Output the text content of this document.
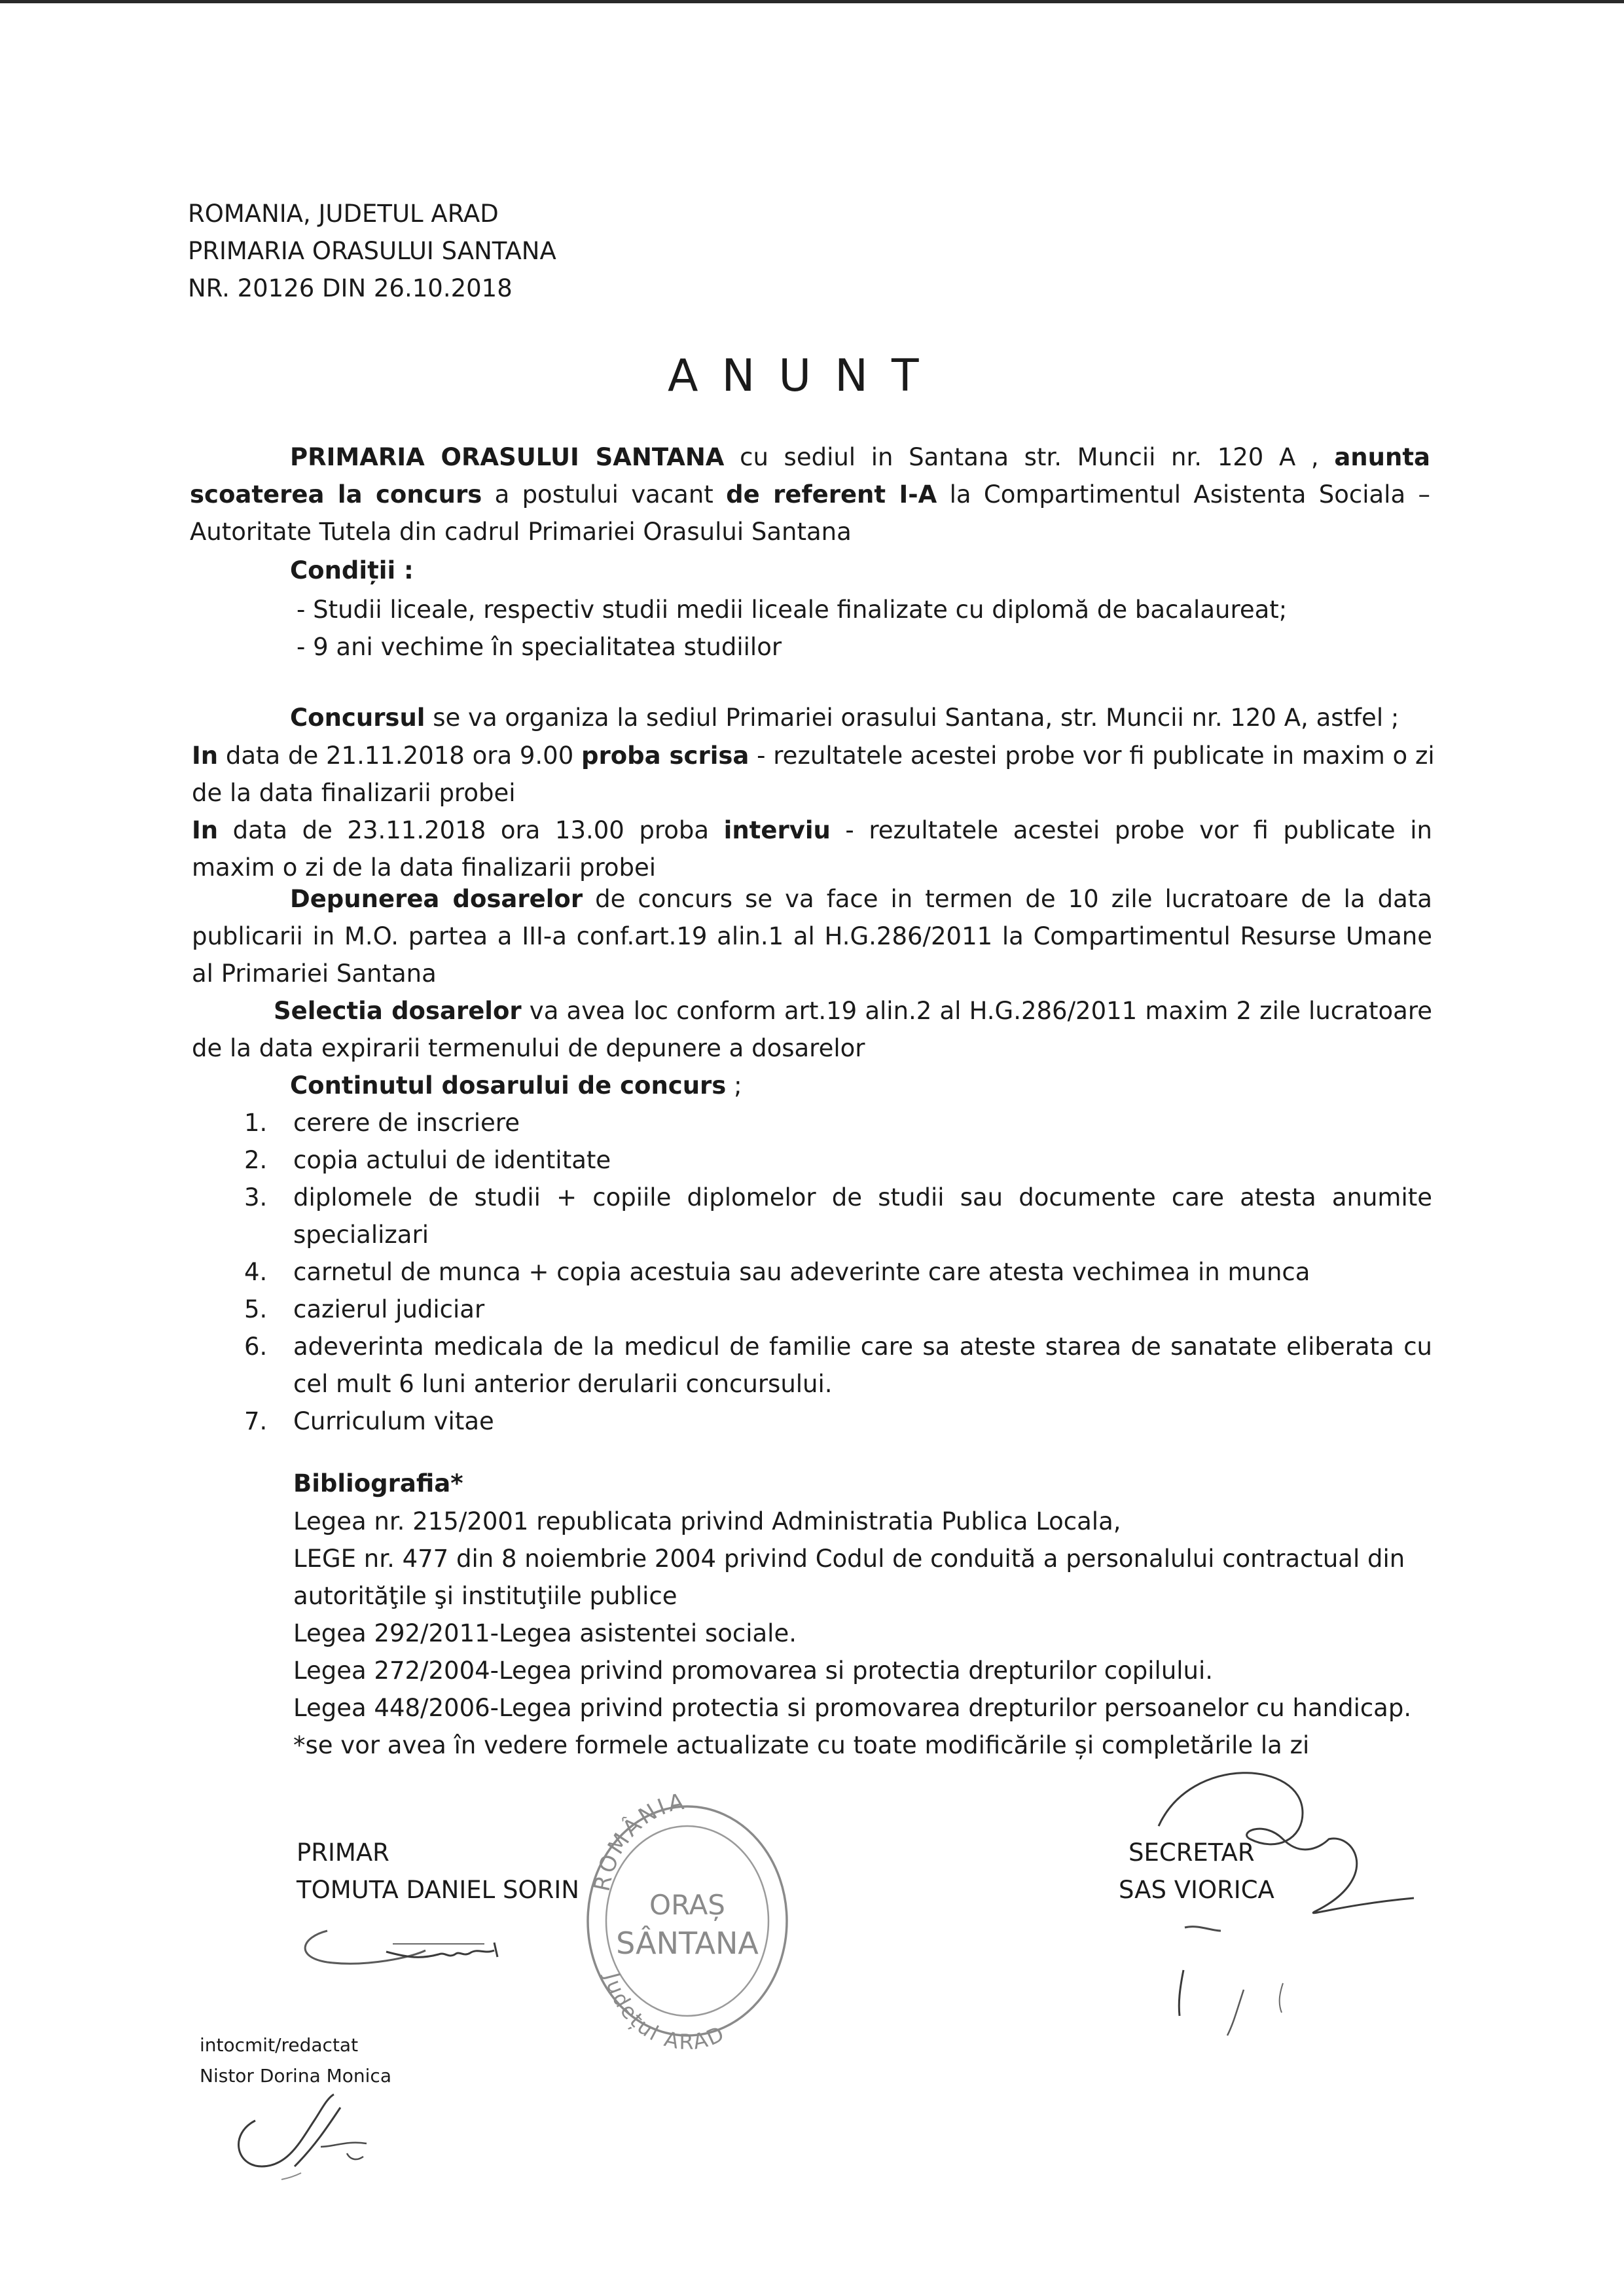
ROMANIA, JUDETUL ARAD
PRIMARIA ORASULUI SANTANA
NR. 20126 DIN 26.10.2018
ANUNT
PRIMARIA ORASULUI SANTANA cu sediul in Santana str. Muncii nr. 120 A , anunta
scoaterea la concurs a postului vacant de referent I-A la Compartimentul Asistenta Sociala –
Autoritate Tutela din cadrul Primariei Orasului Santana
Condiții :
- Studii liceale, respectiv studii medii liceale finalizate cu diplomă de bacalaureat;
- 9 ani vechime în specialitatea studiilor
Concursul se va organiza la sediul Primariei orasului Santana, str. Muncii nr. 120 A, astfel ;
In data de 21.11.2018 ora 9.00 proba scrisa - rezultatele acestei probe vor fi publicate in maxim o zi
de la data finalizarii probei
In data de 23.11.2018 ora 13.00 proba interviu - rezultatele acestei probe vor fi publicate in
maxim o zi de la data finalizarii probei
Depunerea dosarelor de concurs se va face in termen de 10 zile lucratoare de la data
publicarii in M.O. partea a III-a conf.art.19 alin.1 al H.G.286/2011 la Compartimentul Resurse Umane
al Primariei Santana
Selectia dosarelor va avea loc conform art.19 alin.2 al H.G.286/2011 maxim 2 zile lucratoare
de la data expirarii termenului de depunere a dosarelor
Continutul dosarului de concurs ;
1.	cerere de inscriere
2.	copia actului de identitate
3.	diplomele de studii + copiile diplomelor de studii sau documente care atesta anumite
specializari
4.	carnetul de munca + copia acestuia sau adeverinte care atesta vechimea in munca
5.	cazierul judiciar
6.	adeverinta medicala de la medicul de familie care sa ateste starea de sanatate eliberata cu
cel mult 6 luni anterior derularii concursului.
7.	Curriculum vitae
Bibliografia*
Legea nr. 215/2001 republicata privind Administratia Publica Locala,
LEGE nr. 477 din 8 noiembrie 2004 privind Codul de conduită a personalului contractual din
autorităţile şi instituţiile publice
Legea 292/2011-Legea asistentei sociale.
Legea 272/2004-Legea privind promovarea si protectia drepturilor copilului.
Legea 448/2006-Legea privind protectia si promovarea drepturilor persoanelor cu handicap.
*se vor avea în vedere formele actualizate cu toate modificările și completările la zi
PRIMAR
TOMUTA DANIEL SORIN
SECRETAR
SAS VIORICA
ROMÂNIA
ORAȘ
SÂNTANA
Județul ARAD
intocmit/redactat
Nistor Dorina Monica
